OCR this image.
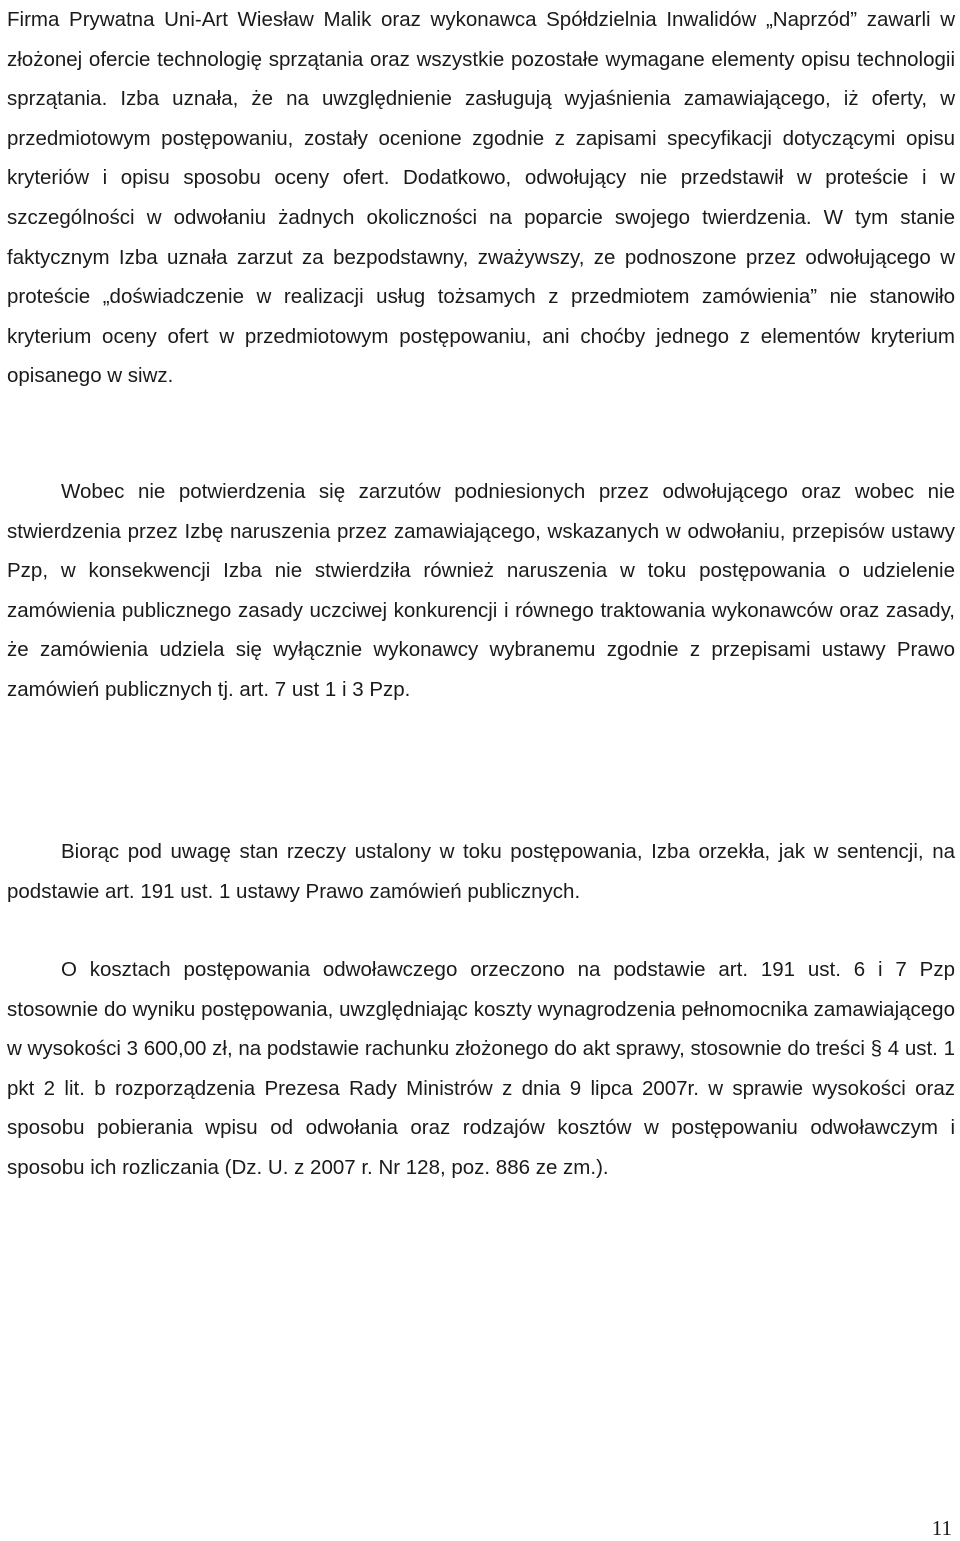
Firma Prywatna Uni-Art Wiesław Malik oraz wykonawca Spółdzielnia Inwalidów „Naprzód” zawarli w złożonej ofercie technologię sprzątania oraz wszystkie pozostałe wymagane elementy opisu technologii sprzątania. Izba uznała, że na uwzględnienie zasługują wyjaśnienia zamawiającego, iż oferty, w przedmiotowym postępowaniu, zostały ocenione zgodnie z zapisami specyfikacji dotyczącymi opisu kryteriów i opisu sposobu oceny ofert. Dodatkowo, odwołujący nie przedstawił w proteście i w szczególności w odwołaniu żadnych okoliczności na poparcie swojego twierdzenia. W tym stanie faktycznym Izba uznała zarzut za bezpodstawny, zważywszy, ze podnoszone przez odwołującego w proteście „doświadczenie w realizacji usług tożsamych z przedmiotem zamówienia” nie stanowiło kryterium oceny ofert w przedmiotowym postępowaniu, ani choćby jednego z elementów kryterium opisanego w siwz.

Wobec nie potwierdzenia się zarzutów podniesionych przez odwołującego oraz wobec nie stwierdzenia przez Izbę naruszenia przez zamawiającego, wskazanych w odwołaniu, przepisów ustawy Pzp, w konsekwencji Izba nie stwierdziła również naruszenia w toku postępowania o udzielenie zamówienia publicznego zasady uczciwej konkurencji i równego traktowania wykonawców oraz zasady, że zamówienia udziela się wyłącznie wykonawcy wybranemu zgodnie z przepisami ustawy Prawo zamówień publicznych tj. art. 7 ust 1 i 3 Pzp.

Biorąc pod uwagę stan rzeczy ustalony w toku postępowania, Izba orzekła, jak w sentencji, na podstawie art. 191 ust. 1 ustawy Prawo zamówień publicznych.

O kosztach postępowania odwoławczego orzeczono na podstawie art. 191 ust. 6 i 7 Pzp stosownie do wyniku postępowania, uwzględniając koszty wynagrodzenia pełnomocnika zamawiającego w wysokości 3 600,00 zł, na podstawie rachunku złożonego do akt sprawy, stosownie do treści § 4 ust. 1 pkt 2 lit. b rozporządzenia Prezesa Rady Ministrów z dnia 9 lipca 2007r. w sprawie wysokości oraz sposobu pobierania wpisu od odwołania oraz rodzajów kosztów w postępowaniu odwoławczym i sposobu ich rozliczania (Dz. U. z 2007 r. Nr 128, poz. 886 ze zm.).

11
